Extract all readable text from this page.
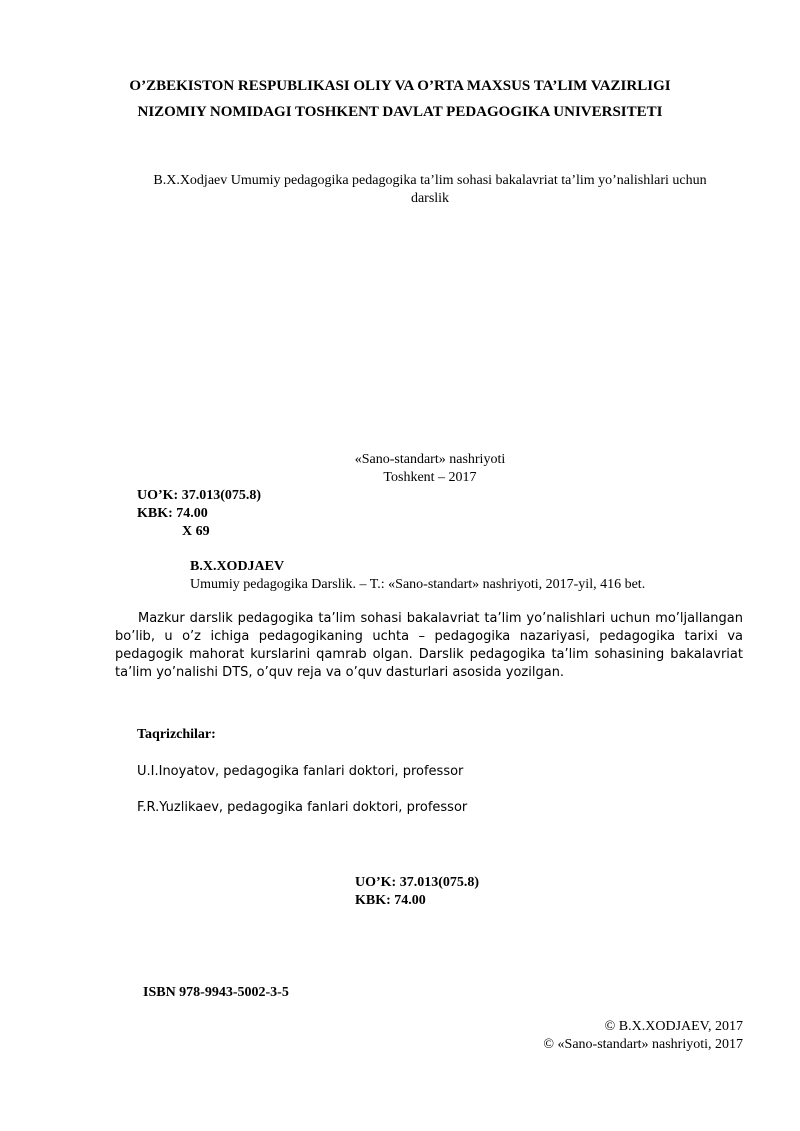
O’ZBEKISTON RESPUBLIKASI OLIY VA O’RTA MAXSUS TA’LIM VAZIRLIGI
NIZOMIY NOMIDAGI TOSHKENT DAVLAT PEDAGOGIKA UNIVERSITETI
B.X.Xodjaev Umumiy pedagogika pedagogika ta’lim sohasi bakalavriat ta’lim yo’nalishlari uchun
darslik
«Sano-standart» nashriyoti
Toshkent – 2017
UO’K: 37.013(075.8)
KBK: 74.00
X 69
B.X.XODJAEV
Umumiy pedagogika Darslik. – T.: «Sano-standart» nashriyoti, 2017-yil, 416 bet.
Mazkur darslik pedagogika ta’lim sohasi bakalavriat ta’lim yo’nalishlari uchun mo’ljallangan bo’lib, u o’z ichiga pedagogikaning uchta – pedagogika nazariyasi, pedagogika tarixi va pedagogik mahorat kurslarini qamrab olgan. Darslik pedagogika ta’lim sohasining bakalavriat ta’lim yo’nalishi DTS, o’quv reja va o’quv dasturlari asosida yozilgan.
Taqrizchilar:
U.I.Inoyatov, pedagogika fanlari doktori, professor
F.R.Yuzlikaev, pedagogika fanlari doktori, professor
UO’K: 37.013(075.8)
KBK: 74.00
ISBN 978-9943-5002-3-5
© B.X.XODJAEV, 2017
© «Sano-standart» nashriyoti, 2017
